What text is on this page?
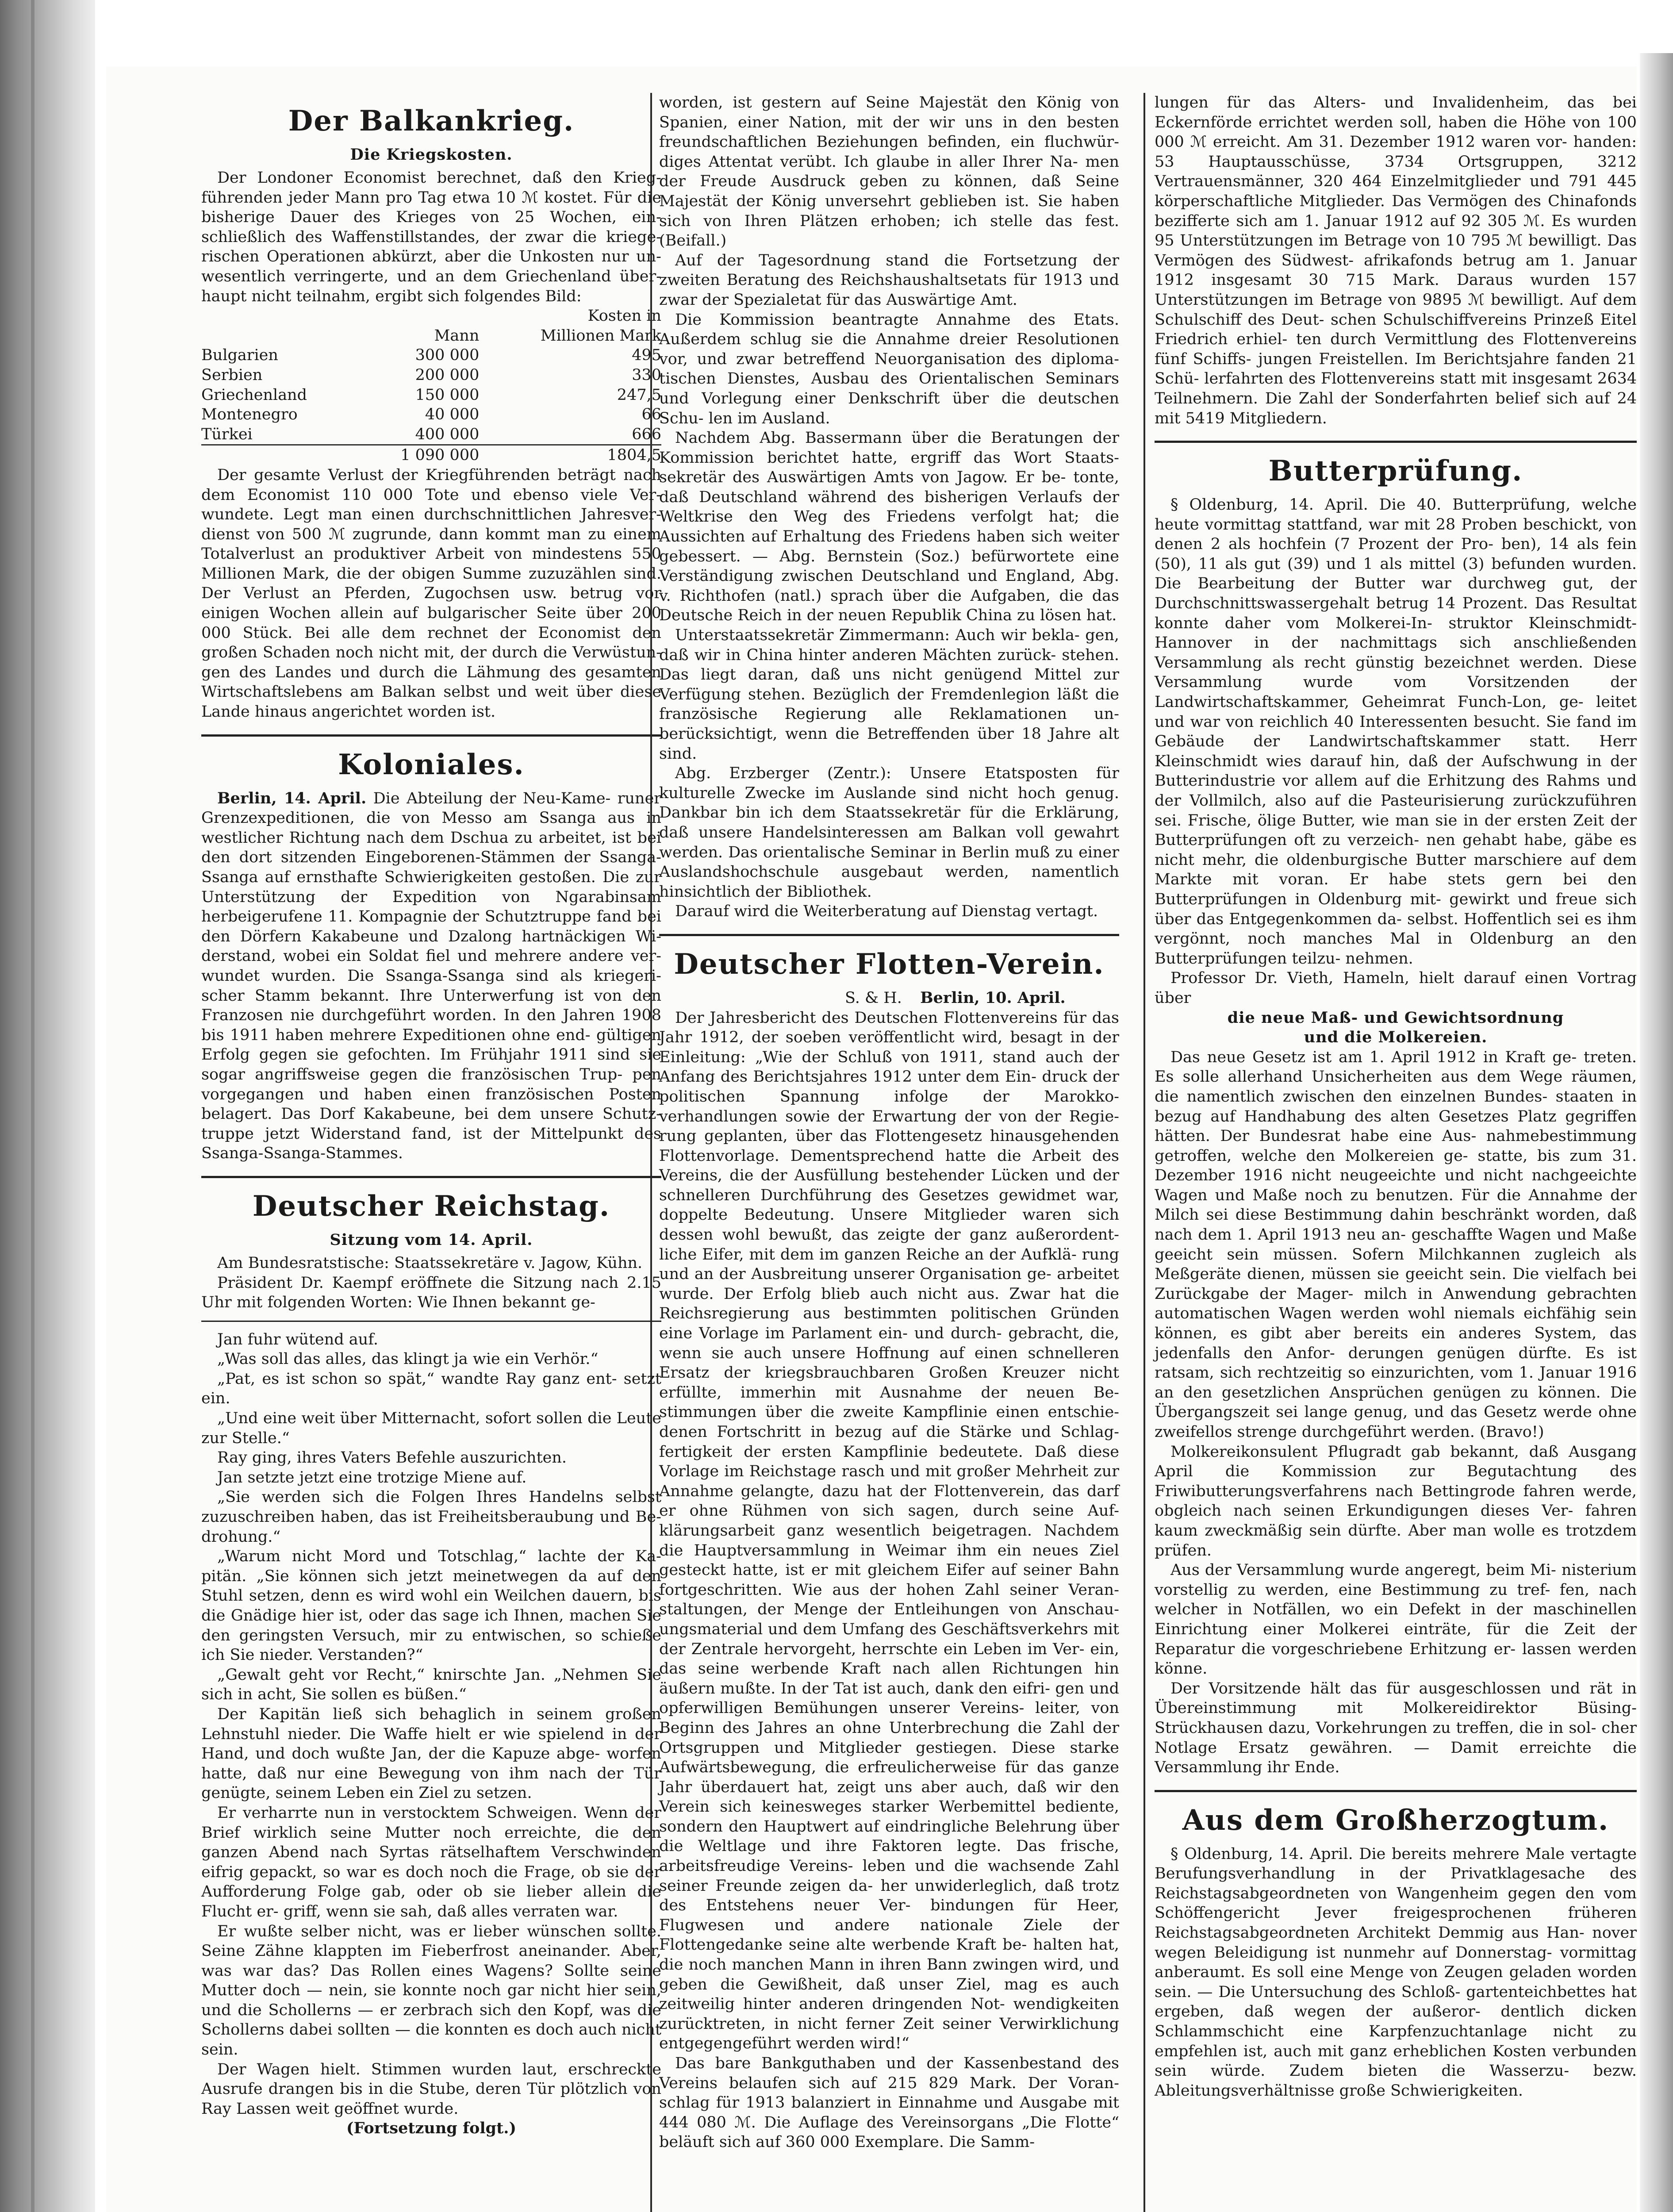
Der Balkankrieg.
Die Kriegskosten.

Der Londoner Economist berechnet, daß den Krieg- führenden jeder Mann pro Tag etwa 10 ℳ kostet. Für die bisherige Dauer des Krieges von 25 Wochen, ein- schließlich des Waffenstillstandes, der zwar die kriege- rischen Operationen abkürzt, aber die Unkosten nur un- wesentlich verringerte, und an dem Griechenland über- haupt nicht teilnahm, ergibt sich folgendes Bild:

		Kosten in
	Mann	Millionen Mark
Bulgarien	300 000	495
Serbien	200 000	330
Griechenland	150 000	247,5
Montenegro	40 000	66
Türkei	400 000	666
	1 090 000	1804,5

Der gesamte Verlust der Kriegführenden beträgt nach dem Economist 110 000 Tote und ebenso viele Ver- wundete. Legt man einen durchschnittlichen Jahresver- dienst von 500 ℳ zugrunde, dann kommt man zu einem Totalverlust an produktiver Arbeit von mindestens 550 Millionen Mark, die der obigen Summe zuzuzählen sind. Der Verlust an Pferden, Zugochsen usw. betrug vor einigen Wochen allein auf bulgarischer Seite über 200 000 Stück. Bei alle dem rechnet der Economist den großen Schaden noch nicht mit, der durch die Verwüstun- gen des Landes und durch die Lähmung des gesamten Wirtschaftslebens am Balkan selbst und weit über diese Lande hinaus angerichtet worden ist.

Koloniales.

Berlin, 14. April. Die Abteilung der Neu-Kame- runer Grenzexpeditionen, die von Messo am Ssanga aus in westlicher Richtung nach dem Dschua zu arbeitet, ist bei den dort sitzenden Eingeborenen-Stämmen der Ssanga-Ssanga auf ernsthafte Schwierigkeiten gestoßen. Die zur Unterstützung der Expedition von Ngarabinsam herbeigerufene 11. Kompagnie der Schutztruppe fand bei den Dörfern Kakabeune und Dzalong hartnäckigen Wi- derstand, wobei ein Soldat fiel und mehrere andere ver- wundet wurden. Die Ssanga-Ssanga sind als kriegeri- scher Stamm bekannt. Ihre Unterwerfung ist von den Franzosen nie durchgeführt worden. In den Jahren 1908 bis 1911 haben mehrere Expeditionen ohne end- gültigen Erfolg gegen sie gefochten. Im Frühjahr 1911 sind sie sogar angriffsweise gegen die französischen Trup- pen vorgegangen und haben einen französischen Posten belagert. Das Dorf Kakabeune, bei dem unsere Schutz- truppe jetzt Widerstand fand, ist der Mittelpunkt des Ssanga-Ssanga-Stammes.

Deutscher Reichstag.
Sitzung vom 14. April.

Am Bundesratstische: Staatssekretäre v. Jagow, Kühn.

Präsident Dr. Kaempf eröffnete die Sitzung nach 2.15 Uhr mit folgenden Worten: Wie Ihnen bekannt ge-

Jan fuhr wütend auf.

„Was soll das alles, das klingt ja wie ein Verhör.“

„Pat, es ist schon so spät,“ wandte Ray ganz ent- setzt ein.

„Und eine weit über Mitternacht, sofort sollen die Leute zur Stelle.“

Ray ging, ihres Vaters Befehle auszurichten.

Jan setzte jetzt eine trotzige Miene auf.

„Sie werden sich die Folgen Ihres Handelns selbst zuzuschreiben haben, das ist Freiheitsberaubung und Be- drohung.“

„Warum nicht Mord und Totschlag,“ lachte der Ka- pitän. „Sie können sich jetzt meinetwegen da auf den Stuhl setzen, denn es wird wohl ein Weilchen dauern, bis die Gnädige hier ist, oder das sage ich Ihnen, machen Sie den geringsten Versuch, mir zu entwischen, so schieße ich Sie nieder. Verstanden?“

„Gewalt geht vor Recht,“ knirschte Jan. „Nehmen Sie sich in acht, Sie sollen es büßen.“

Der Kapitän ließ sich behaglich in seinem großen Lehnstuhl nieder. Die Waffe hielt er wie spielend in der Hand, und doch wußte Jan, der die Kapuze abge- worfen hatte, daß nur eine Bewegung von ihm nach der Tür genügte, seinem Leben ein Ziel zu setzen.

Er verharrte nun in verstocktem Schweigen. Wenn der Brief wirklich seine Mutter noch erreichte, die den ganzen Abend nach Syrtas rätselhaftem Verschwinden eifrig gepackt, so war es doch noch die Frage, ob sie der Aufforderung Folge gab, oder ob sie lieber allein die Flucht er- griff, wenn sie sah, daß alles verraten war.

Er wußte selber nicht, was er lieber wünschen sollte. Seine Zähne klappten im Fieberfrost aneinander. Aber, was war das? Das Rollen eines Wagens? Sollte seine Mutter doch — nein, sie konnte noch gar nicht hier sein, und die Schollerns — er zerbrach sich den Kopf, was die Schollerns dabei sollten — die konnten es doch auch nicht sein.

Der Wagen hielt. Stimmen wurden laut, erschreckte Ausrufe drangen bis in die Stube, deren Tür plötzlich von Ray Lassen weit geöffnet wurde.

(Fortsetzung folgt.)

worden, ist gestern auf Seine Majestät den König von Spanien, einer Nation, mit der wir uns in den besten freundschaftlichen Beziehungen befinden, ein fluchwür- diges Attentat verübt. Ich glaube in aller Ihrer Na- men der Freude Ausdruck geben zu können, daß Seine Majestät der König unversehrt geblieben ist. Sie haben sich von Ihren Plätzen erhoben; ich stelle das fest. (Beifall.)

Auf der Tagesordnung stand die Fortsetzung der zweiten Beratung des Reichshaushaltsetats für 1913 und zwar der Spezialetat für das Auswärtige Amt.

Die Kommission beantragte Annahme des Etats. Außerdem schlug sie die Annahme dreier Resolutionen vor, und zwar betreffend Neuorganisation des diploma- tischen Dienstes, Ausbau des Orientalischen Seminars und Vorlegung einer Denkschrift über die deutschen Schu- len im Ausland.

Nachdem Abg. Bassermann über die Beratungen der Kommission berichtet hatte, ergriff das Wort Staats- sekretär des Auswärtigen Amts von Jagow. Er be- tonte, daß Deutschland während des bisherigen Verlaufs der Weltkrise den Weg des Friedens verfolgt hat; die Aussichten auf Erhaltung des Friedens haben sich weiter gebessert. — Abg. Bernstein (Soz.) befürwortete eine Verständigung zwischen Deutschland und England, Abg. v. Richthofen (natl.) sprach über die Aufgaben, die das Deutsche Reich in der neuen Republik China zu lösen hat.

Unterstaatssekretär Zimmermann: Auch wir bekla- gen, daß wir in China hinter anderen Mächten zurück- stehen. Das liegt daran, daß uns nicht genügend Mittel zur Verfügung stehen. Bezüglich der Fremdenlegion läßt die französische Regierung alle Reklamationen un- berücksichtigt, wenn die Betreffenden über 18 Jahre alt sind.

Abg. Erzberger (Zentr.): Unsere Etatsposten für kulturelle Zwecke im Auslande sind nicht hoch genug. Dankbar bin ich dem Staatssekretär für die Erklärung, daß unsere Handelsinteressen am Balkan voll gewahrt werden. Das orientalische Seminar in Berlin muß zu einer Auslandshochschule ausgebaut werden, namentlich hinsichtlich der Bibliothek.

Darauf wird die Weiterberatung auf Dienstag vertagt.

Deutscher Flotten-Verein.

S. & H. Berlin, 10. April.

Der Jahresbericht des Deutschen Flottenvereins für das Jahr 1912, der soeben veröffentlicht wird, besagt in der Einleitung: „Wie der Schluß von 1911, stand auch der Anfang des Berichtsjahres 1912 unter dem Ein- druck der politischen Spannung infolge der Marokko- verhandlungen sowie der Erwartung der von der Regie- rung geplanten, über das Flottengesetz hinausgehenden Flottenvorlage. Dementsprechend hatte die Arbeit des Vereins, die der Ausfüllung bestehender Lücken und der schnelleren Durchführung des Gesetzes gewidmet war, doppelte Bedeutung. Unsere Mitglieder waren sich dessen wohl bewußt, das zeigte der ganz außerordent- liche Eifer, mit dem im ganzen Reiche an der Aufklä- rung und an der Ausbreitung unserer Organisation ge- arbeitet wurde. Der Erfolg blieb auch nicht aus. Zwar hat die Reichsregierung aus bestimmten politischen Gründen eine Vorlage im Parlament ein- und durch- gebracht, die, wenn sie auch unsere Hoffnung auf einen schnelleren Ersatz der kriegsbrauchbaren Großen Kreuzer nicht erfüllte, immerhin mit Ausnahme der neuen Be- stimmungen über die zweite Kampflinie einen entschie- denen Fortschritt in bezug auf die Stärke und Schlag- fertigkeit der ersten Kampflinie bedeutete. Daß diese Vorlage im Reichstage rasch und mit großer Mehrheit zur Annahme gelangte, dazu hat der Flottenverein, das darf er ohne Rühmen von sich sagen, durch seine Auf- klärungsarbeit ganz wesentlich beigetragen. Nachdem die Hauptversammlung in Weimar ihm ein neues Ziel gesteckt hatte, ist er mit gleichem Eifer auf seiner Bahn fortgeschritten. Wie aus der hohen Zahl seiner Veran- staltungen, der Menge der Entleihungen von Anschau- ungsmaterial und dem Umfang des Geschäftsverkehrs mit der Zentrale hervorgeht, herrschte ein Leben im Ver- ein, das seine werbende Kraft nach allen Richtungen hin äußern mußte. In der Tat ist auch, dank den eifri- gen und opferwilligen Bemühungen unserer Vereins- leiter, von Beginn des Jahres an ohne Unterbrechung die Zahl der Ortsgruppen und Mitglieder gestiegen. Diese starke Aufwärtsbewegung, die erfreulicherweise für das ganze Jahr überdauert hat, zeigt uns aber auch, daß wir den Verein sich keinesweges starker Werbemittel bediente, sondern den Hauptwert auf eindringliche Belehrung über die Weltlage und ihre Faktoren legte. Das frische, arbeitsfreudige Vereins- leben und die wachsende Zahl seiner Freunde zeigen da- her unwiderleglich, daß trotz des Entstehens neuer Ver- bindungen für Heer, Flugwesen und andere nationale Ziele der Flottengedanke seine alte werbende Kraft be- halten hat, die noch manchen Mann in ihren Bann zwingen wird, und geben die Gewißheit, daß unser Ziel, mag es auch zeitweilig hinter anderen dringenden Not- wendigkeiten zurücktreten, in nicht ferner Zeit seiner Verwirklichung entgegengeführt werden wird!“

Das bare Bankguthaben und der Kassenbestand des Vereins belaufen sich auf 215 829 Mark. Der Voran- schlag für 1913 balanziert in Einnahme und Ausgabe mit 444 080 ℳ. Die Auflage des Vereinsorgans „Die Flotte“ beläuft sich auf 360 000 Exemplare. Die Samm-

lungen für das Alters- und Invalidenheim, das bei Eckernförde errichtet werden soll, haben die Höhe von 100 000 ℳ erreicht. Am 31. Dezember 1912 waren vor- handen: 53 Hauptausschüsse, 3734 Ortsgruppen, 3212 Vertrauensmänner, 320 464 Einzelmitglieder und 791 445 körperschaftliche Mitglieder. Das Vermögen des Chinafonds bezifferte sich am 1. Januar 1912 auf 92 305 ℳ. Es wurden 95 Unterstützungen im Betrage von 10 795 ℳ bewilligt. Das Vermögen des Südwest- afrikafonds betrug am 1. Januar 1912 insgesamt 30 715 Mark. Daraus wurden 157 Unterstützungen im Betrage von 9895 ℳ bewilligt. Auf dem Schulschiff des Deut- schen Schulschiffvereins Prinzeß Eitel Friedrich erhiel- ten durch Vermittlung des Flottenvereins fünf Schiffs- jungen Freistellen. Im Berichtsjahre fanden 21 Schü- lerfahrten des Flottenvereins statt mit insgesamt 2634 Teilnehmern. Die Zahl der Sonderfahrten belief sich auf 24 mit 5419 Mitgliedern.

Butterprüfung.

§ Oldenburg, 14. April. Die 40. Butterprüfung, welche heute vormittag stattfand, war mit 28 Proben beschickt, von denen 2 als hochfein (7 Prozent der Pro- ben), 14 als fein (50), 11 als gut (39) und 1 als mittel (3) befunden wurden. Die Bearbeitung der Butter war durchweg gut, der Durchschnittswassergehalt betrug 14 Prozent. Das Resultat konnte daher vom Molkerei-In- struktor Kleinschmidt-Hannover in der nachmittags sich anschließenden Versammlung als recht günstig bezeichnet werden. Diese Versammlung wurde vom Vorsitzenden der Landwirtschaftskammer, Geheimrat Funch-Lon, ge- leitet und war von reichlich 40 Interessenten besucht. Sie fand im Gebäude der Landwirtschaftskammer statt. Herr Kleinschmidt wies darauf hin, daß der Aufschwung in der Butterindustrie vor allem auf die Erhitzung des Rahms und der Vollmilch, also auf die Pasteurisierung zurückzuführen sei. Frische, ölige Butter, wie man sie in der ersten Zeit der Butterprüfungen oft zu verzeich- nen gehabt habe, gäbe es nicht mehr, die oldenburgische Butter marschiere auf dem Markte mit voran. Er habe stets gern bei den Butterprüfungen in Oldenburg mit- gewirkt und freue sich über das Entgegenkommen da- selbst. Hoffentlich sei es ihm vergönnt, noch manches Mal in Oldenburg an den Butterprüfungen teilzu- nehmen.

Professor Dr. Vieth, Hameln, hielt darauf einen Vortrag über

die neue Maß- und Gewichtsordnung

und die Molkereien.

Das neue Gesetz ist am 1. April 1912 in Kraft ge- treten. Es solle allerhand Unsicherheiten aus dem Wege räumen, die namentlich zwischen den einzelnen Bundes- staaten in bezug auf Handhabung des alten Gesetzes Platz gegriffen hätten. Der Bundesrat habe eine Aus- nahmebestimmung getroffen, welche den Molkereien ge- statte, bis zum 31. Dezember 1916 nicht neugeeichte und nicht nachgeeichte Wagen und Maße noch zu benutzen. Für die Annahme der Milch sei diese Bestimmung dahin beschränkt worden, daß nach dem 1. April 1913 neu an- geschaffte Wagen und Maße geeicht sein müssen. Sofern Milchkannen zugleich als Meßgeräte dienen, müssen sie geeicht sein. Die vielfach bei Zurückgabe der Mager- milch in Anwendung gebrachten automatischen Wagen werden wohl niemals eichfähig sein können, es gibt aber bereits ein anderes System, das jedenfalls den Anfor- derungen genügen dürfte. Es ist ratsam, sich rechtzeitig so einzurichten, vom 1. Januar 1916 an den gesetzlichen Ansprüchen genügen zu können. Die Übergangszeit sei lange genug, und das Gesetz werde ohne zweifellos strenge durchgeführt werden. (Bravo!)

Molkereikonsulent Pflugradt gab bekannt, daß Ausgang April die Kommission zur Begutachtung des Friwibutterungsverfahrens nach Bettingrode fahren werde, obgleich nach seinen Erkundigungen dieses Ver- fahren kaum zweckmäßig sein dürfte. Aber man wolle es trotzdem prüfen.

Aus der Versammlung wurde angeregt, beim Mi- nisterium vorstellig zu werden, eine Bestimmung zu tref- fen, nach welcher in Notfällen, wo ein Defekt in der maschinellen Einrichtung einer Molkerei einträte, für die Zeit der Reparatur die vorgeschriebene Erhitzung er- lassen werden könne.

Der Vorsitzende hält das für ausgeschlossen und rät in Übereinstimmung mit Molkereidirektor Büsing- Strückhausen dazu, Vorkehrungen zu treffen, die in sol- cher Notlage Ersatz gewähren. — Damit erreichte die Versammlung ihr Ende.

Aus dem Großherzogtum.

§ Oldenburg, 14. April. Die bereits mehrere Male vertagte Berufungsverhandlung in der Privatklagesache des Reichstagsabgeordneten von Wangenheim gegen den vom Schöffengericht Jever freigesprochenen früheren Reichstagsabgeordneten Architekt Demmig aus Han- nover wegen Beleidigung ist nunmehr auf Donnerstag- vormittag anberaumt. Es soll eine Menge von Zeugen geladen worden sein. — Die Untersuchung des Schloß- gartenteichbettes hat ergeben, daß wegen der außeror- dentlich dicken Schlammschicht eine Karpfenzuchtanlage nicht zu empfehlen ist, auch mit ganz erheblichen Kosten verbunden sein würde. Zudem bieten die Wasserzu- bezw. Ableitungsverhältnisse große Schwierigkeiten.
